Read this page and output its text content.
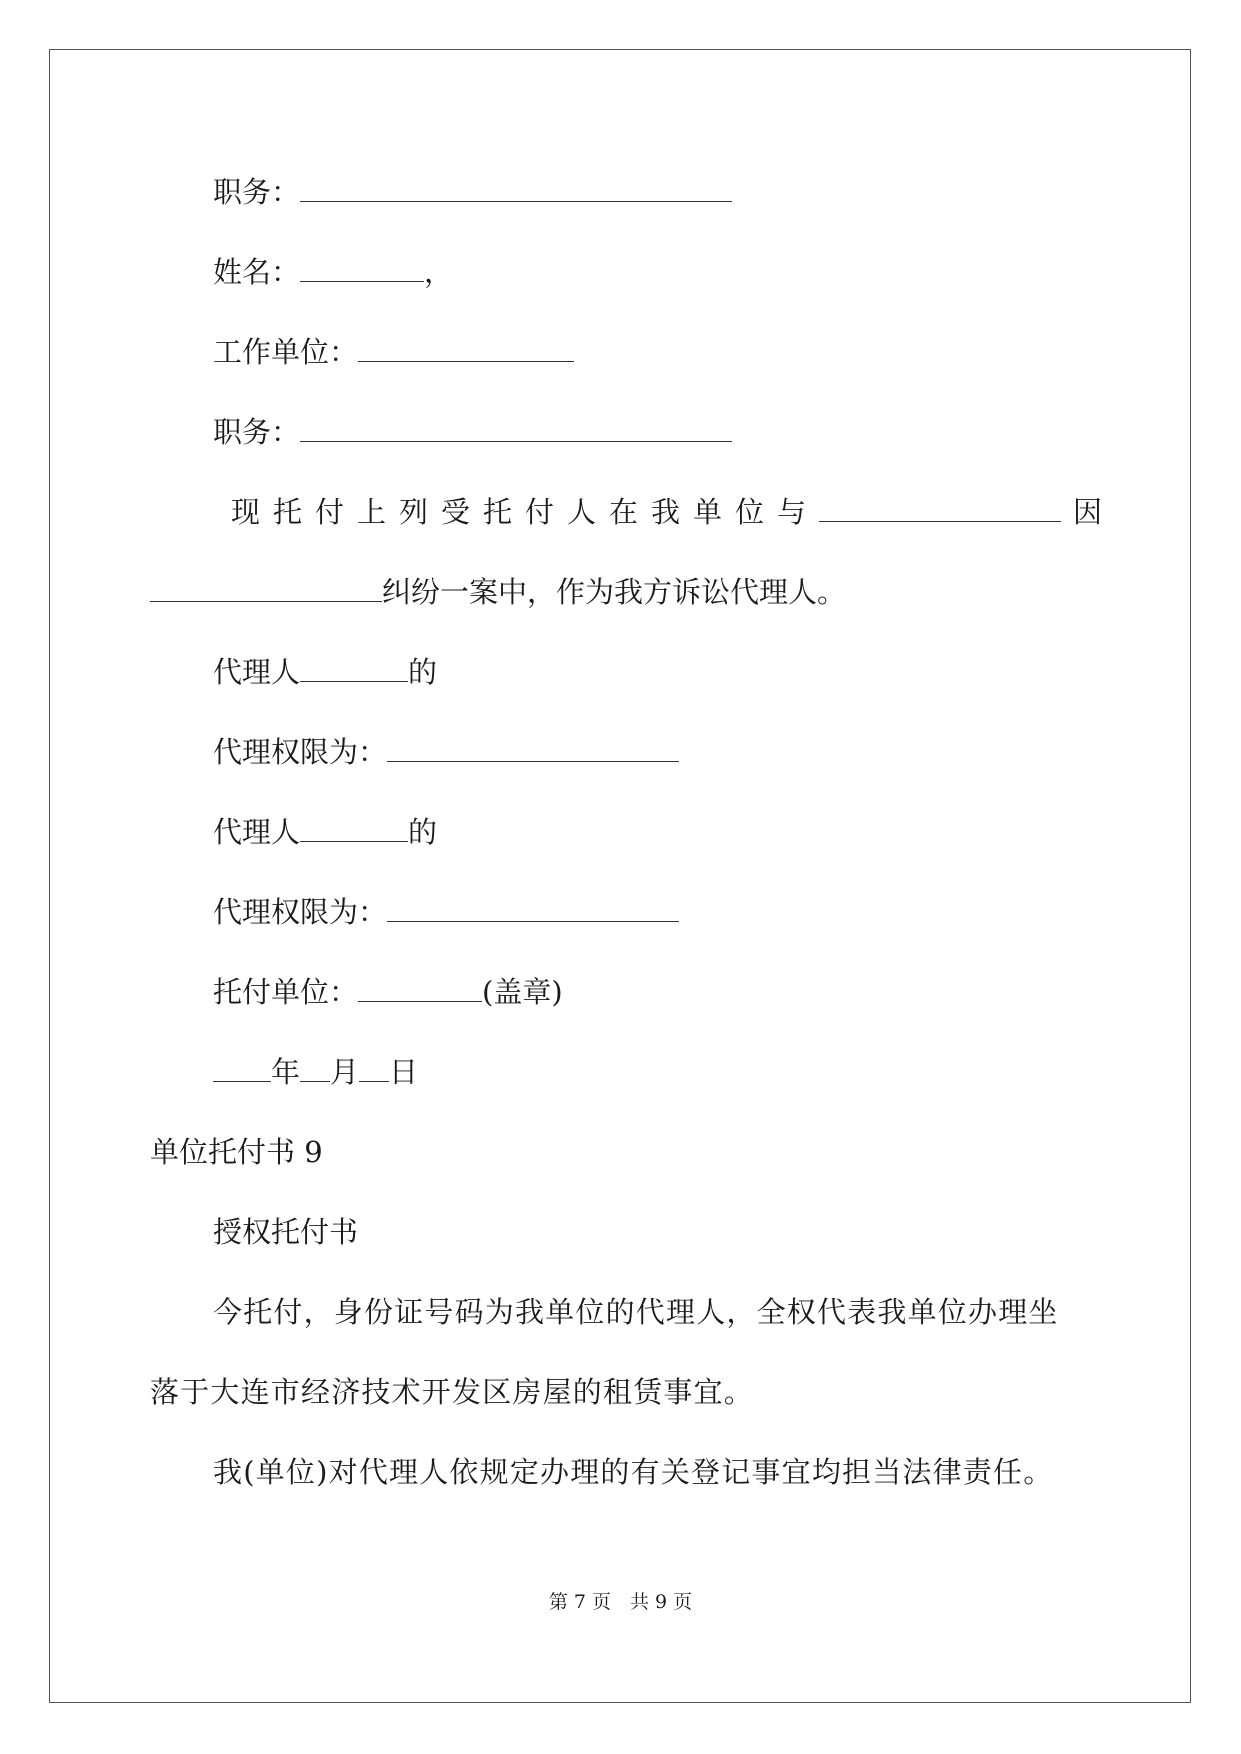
职务：
姓名：	，
工作单位：
职务：
现托付上列受托付人在我单位与	因
纠纷一案中，作为我方诉讼代理人。
代理人	的
代理权限为：
代理人	的
代理权限为：
托付单位：	(盖章)
年 月 日
单位托付书 9
授权托付书
今托付，身份证号码为我单位的代理人，全权代表我单位办理坐
落于大连市经济技术开发区房屋的租赁事宜。
我(单位)对代理人依规定办理的有关登记事宜均担当法律责任。
第 7 页　共 9 页
